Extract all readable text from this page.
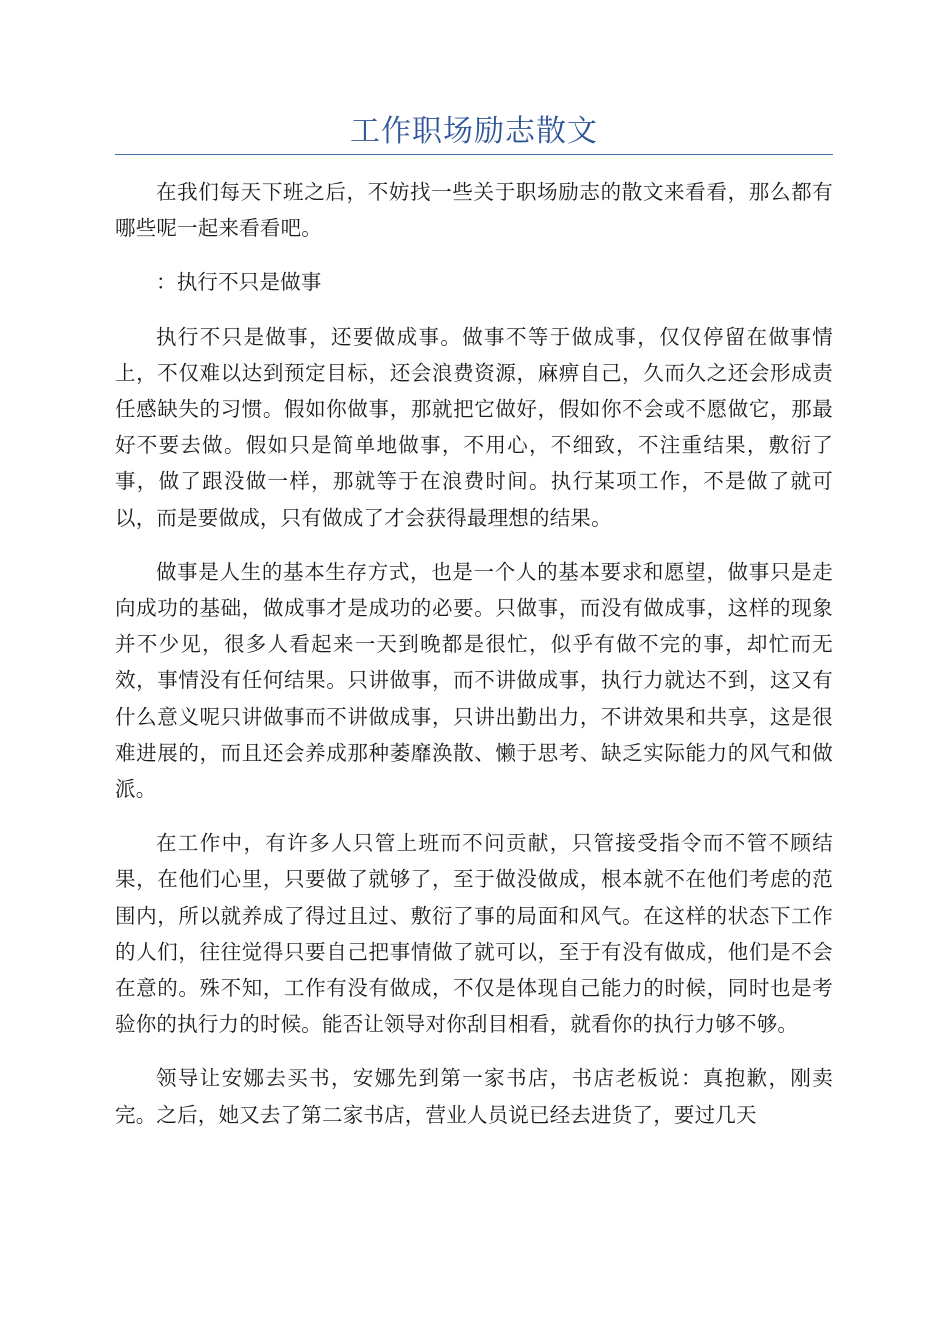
工作职场励志散文

在我们每天下班之后，不妨找一些关于职场励志的散文来看看，那么都有哪些呢一起来看看吧。

：执行不只是做事

执行不只是做事，还要做成事。做事不等于做成事，仅仅停留在做事情上，不仅难以达到预定目标，还会浪费资源，麻痹自己，久而久之还会形成责任感缺失的习惯。假如你做事，那就把它做好，假如你不会或不愿做它，那最好不要去做。假如只是简单地做事，不用心，不细致，不注重结果，敷衍了事，做了跟没做一样，那就等于在浪费时间。执行某项工作，不是做了就可以，而是要做成，只有做成了才会获得最理想的结果。

做事是人生的基本生存方式，也是一个人的基本要求和愿望，做事只是走向成功的基础，做成事才是成功的必要。只做事，而没有做成事，这样的现象并不少见，很多人看起来一天到晚都是很忙，似乎有做不完的事，却忙而无效，事情没有任何结果。只讲做事，而不讲做成事，执行力就达不到，这又有什么意义呢只讲做事而不讲做成事，只讲出勤出力，不讲效果和共享，这是很难进展的，而且还会养成那种萎靡涣散、懒于思考、缺乏实际能力的风气和做派。

在工作中，有许多人只管上班而不问贡献，只管接受指令而不管不顾结果，在他们心里，只要做了就够了，至于做没做成，根本就不在他们考虑的范围内，所以就养成了得过且过、敷衍了事的局面和风气。在这样的状态下工作的人们，往往觉得只要自己把事情做了就可以，至于有没有做成，他们是不会在意的。殊不知，工作有没有做成，不仅是体现自己能力的时候，同时也是考验你的执行力的时候。能否让领导对你刮目相看，就看你的执行力够不够。

领导让安娜去买书，安娜先到第一家书店，书店老板说：真抱歉，刚卖完。之后，她又去了第二家书店，营业人员说已经去进货了，要过几天
